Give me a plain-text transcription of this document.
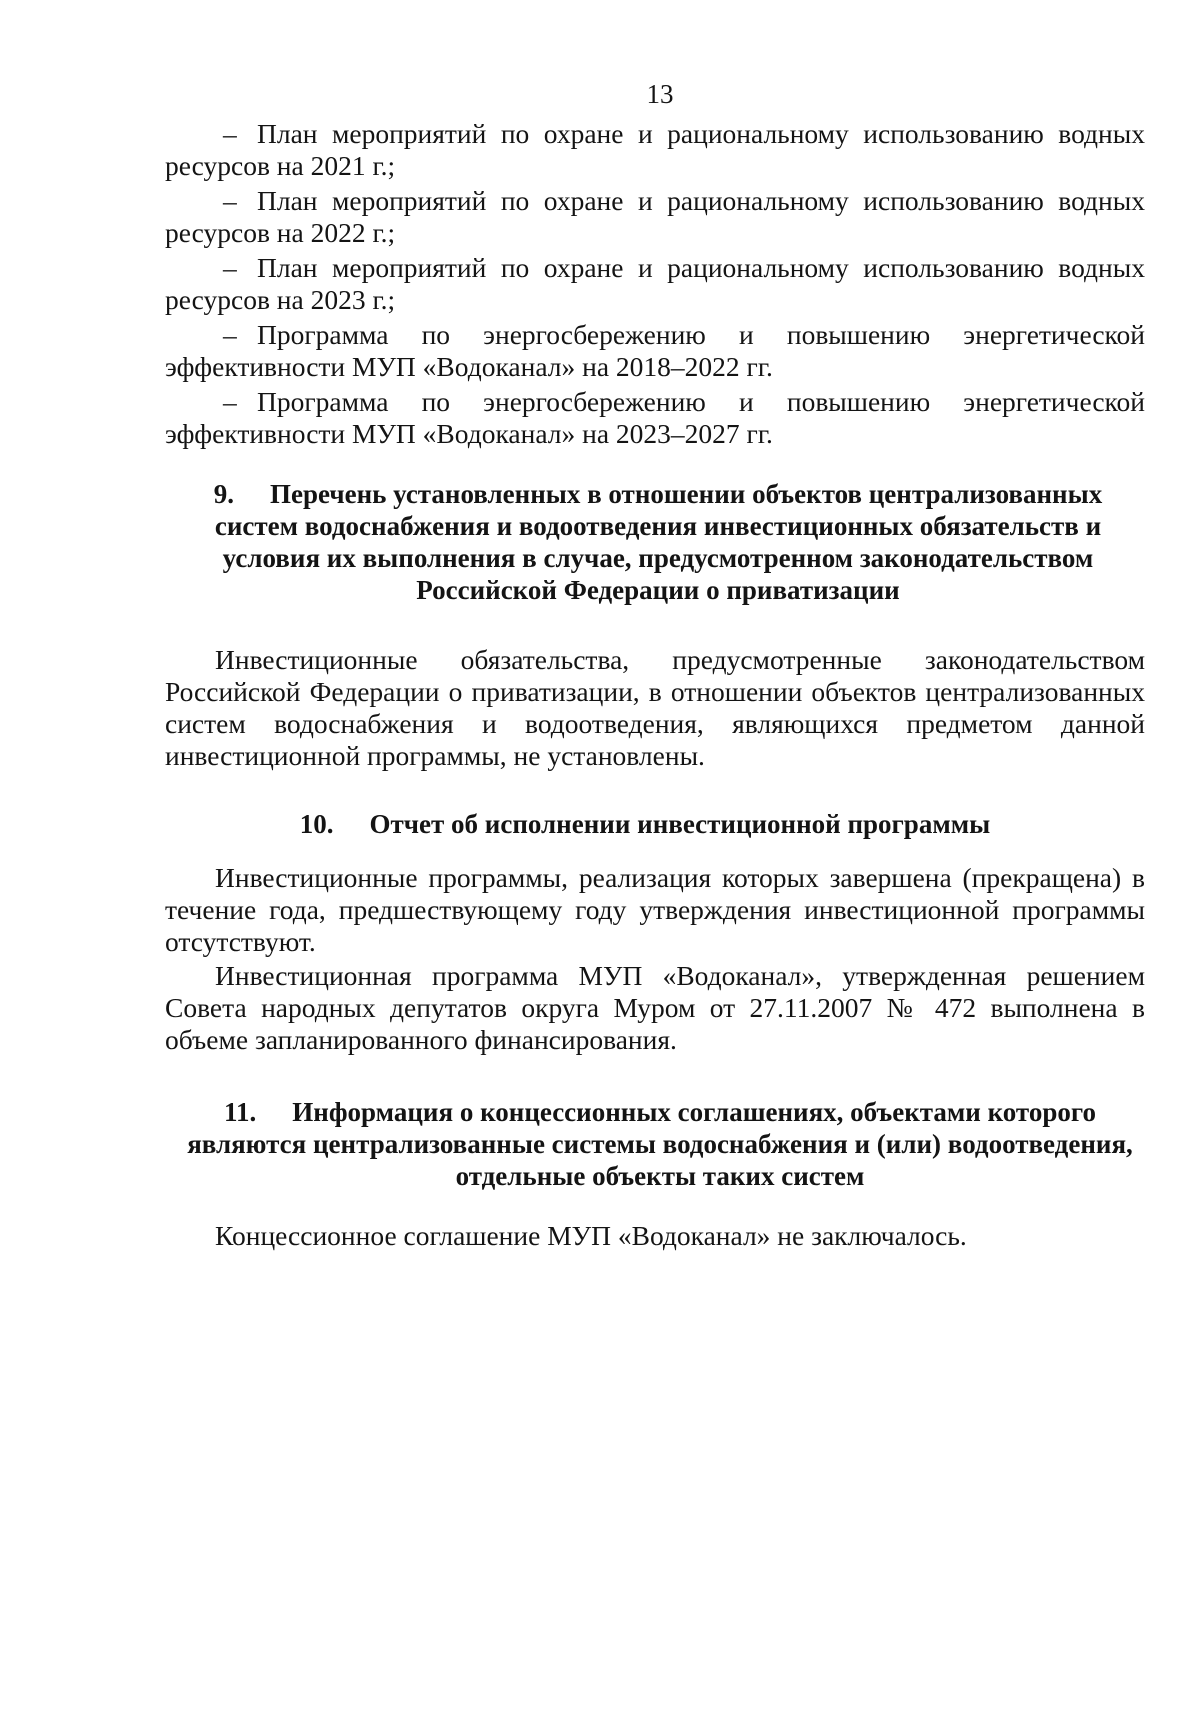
13

– План мероприятий по охране и рациональному использованию водных ресурсов на 2021 г.;

– План мероприятий по охране и рациональному использованию водных ресурсов на 2022 г.;

– План мероприятий по охране и рациональному использованию водных ресурсов на 2023 г.;

– Программа по энергосбережению и повышению энергетической эффективности МУП «Водоканал» на 2018–2022 гг.

– Программа по энергосбережению и повышению энергетической эффективности МУП «Водоканал» на 2023–2027 гг.

9. Перечень установленных в отношении объектов централизованных систем водоснабжения и водоотведения инвестиционных обязательств и условия их выполнения в случае, предусмотренном законодательством Российской Федерации о приватизации

Инвестиционные обязательства, предусмотренные законодательством Российской Федерации о приватизации, в отношении объектов централизованных систем водоснабжения и водоотведения, являющихся предметом данной инвестиционной программы, не установлены.

10. Отчет об исполнении инвестиционной программы

Инвестиционные программы, реализация которых завершена (прекращена) в течение года, предшествующему году утверждения инвестиционной программы отсутствуют.

Инвестиционная программа МУП «Водоканал», утвержденная решением Совета народных депутатов округа Муром от 27.11.2007 № 472 выполнена в объеме запланированного финансирования.

11. Информация о концессионных соглашениях, объектами которого являются централизованные системы водоснабжения и (или) водоотведения, отдельные объекты таких систем

Концессионное соглашение МУП «Водоканал» не заключалось.
